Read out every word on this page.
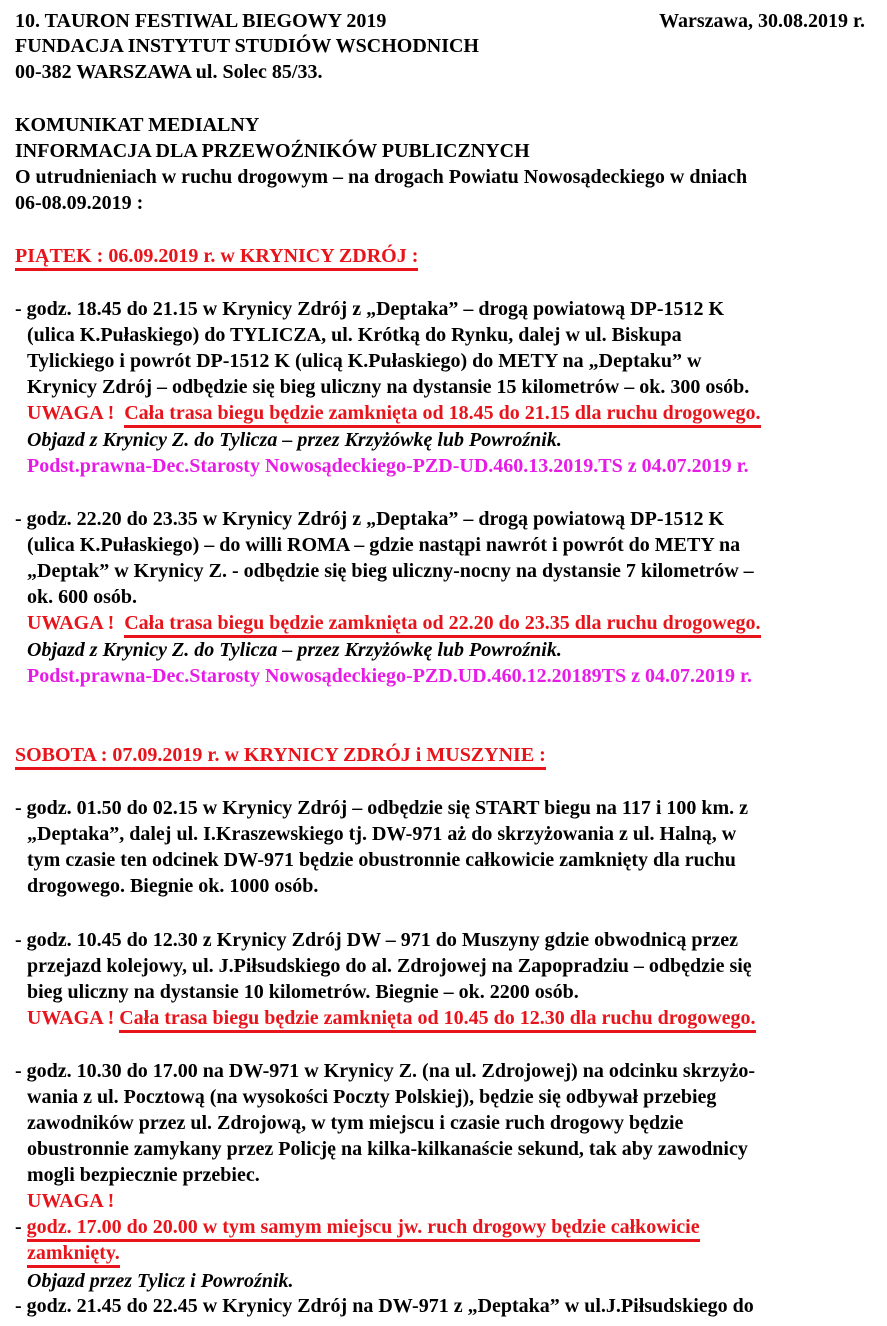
10. TAURON FESTIWAL BIEGOWY 2019	Warszawa, 30.08.2019 r.
FUNDACJA INSTYTUT STUDIÓW WSCHODNICH
00-382 WARSZAWA ul. Solec 85/33.
KOMUNIKAT MEDIALNY
INFORMACJA DLA PRZEWOŹNIKÓW PUBLICZNYCH
O utrudnieniach w ruchu drogowym – na drogach Powiatu Nowosądeckiego w dniach
06-08.09.2019 :
PIĄTEK : 06.09.2019 r. w KRYNICY ZDRÓJ :
- godz. 18.45 do 21.15 w Krynicy Zdrój z „Deptaka” – drogą powiatową DP-1512 K
(ulica K.Pułaskiego) do TYLICZA, ul. Krótką do Rynku, dalej w ul. Biskupa
Tylickiego i powrót DP-1512 K (ulicą K.Pułaskiego) do METY na „Deptaku” w
Krynicy Zdrój – odbędzie się bieg uliczny na dystansie 15 kilometrów – ok. 300 osób.
UWAGA ! Cała trasa biegu będzie zamknięta od 18.45 do 21.15 dla ruchu drogowego.
Objazd z Krynicy Z. do Tylicza – przez Krzyżówkę lub Powroźnik.
Podst.prawna-Dec.Starosty Nowosądeckiego-PZD-UD.460.13.2019.TS z 04.07.2019 r.
- godz. 22.20 do 23.35 w Krynicy Zdrój z „Deptaka” – drogą powiatową DP-1512 K
(ulica K.Pułaskiego) – do willi ROMA – gdzie nastąpi nawrót i powrót do METY na
„Deptak” w Krynicy Z. - odbędzie się bieg uliczny-nocny na dystansie 7 kilometrów –
ok. 600 osób.
UWAGA ! Cała trasa biegu będzie zamknięta od 22.20 do 23.35 dla ruchu drogowego.
Objazd z Krynicy Z. do Tylicza – przez Krzyżówkę lub Powroźnik.
Podst.prawna-Dec.Starosty Nowosądeckiego-PZD.UD.460.12.20189TS z 04.07.2019 r.
SOBOTA : 07.09.2019 r. w KRYNICY ZDRÓJ i MUSZYNIE :
- godz. 01.50 do 02.15 w Krynicy Zdrój – odbędzie się START biegu na 117 i 100 km. z
„Deptaka”, dalej ul. I.Kraszewskiego tj. DW-971 aż do skrzyżowania z ul. Halną, w
tym czasie ten odcinek DW-971 będzie obustronnie całkowicie zamknięty dla ruchu
drogowego. Biegnie ok. 1000 osób.
- godz. 10.45 do 12.30 z Krynicy Zdrój DW – 971 do Muszyny gdzie obwodnicą przez
przejazd kolejowy, ul. J.Piłsudskiego do al. Zdrojowej na Zapopradziu – odbędzie się
bieg uliczny na dystansie 10 kilometrów. Biegnie – ok. 2200 osób.
UWAGA ! Cała trasa biegu będzie zamknięta od 10.45 do 12.30 dla ruchu drogowego.
- godz. 10.30 do 17.00 na DW-971 w Krynicy Z. (na ul. Zdrojowej) na odcinku skrzyżo-
wania z ul. Pocztową (na wysokości Poczty Polskiej), będzie się odbywał przebieg
zawodników przez ul. Zdrojową, w tym miejscu i czasie ruch drogowy będzie
obustronnie zamykany przez Policję na kilka-kilkanaście sekund, tak aby zawodnicy
mogli bezpiecznie przebiec.
UWAGA !
- godz. 17.00 do 20.00 w tym samym miejscu jw. ruch drogowy będzie całkowicie
zamknięty.
Objazd przez Tylicz i Powroźnik.
- godz. 21.45 do 22.45 w Krynicy Zdrój na DW-971 z „Deptaka” w ul.J.Piłsudskiego do
